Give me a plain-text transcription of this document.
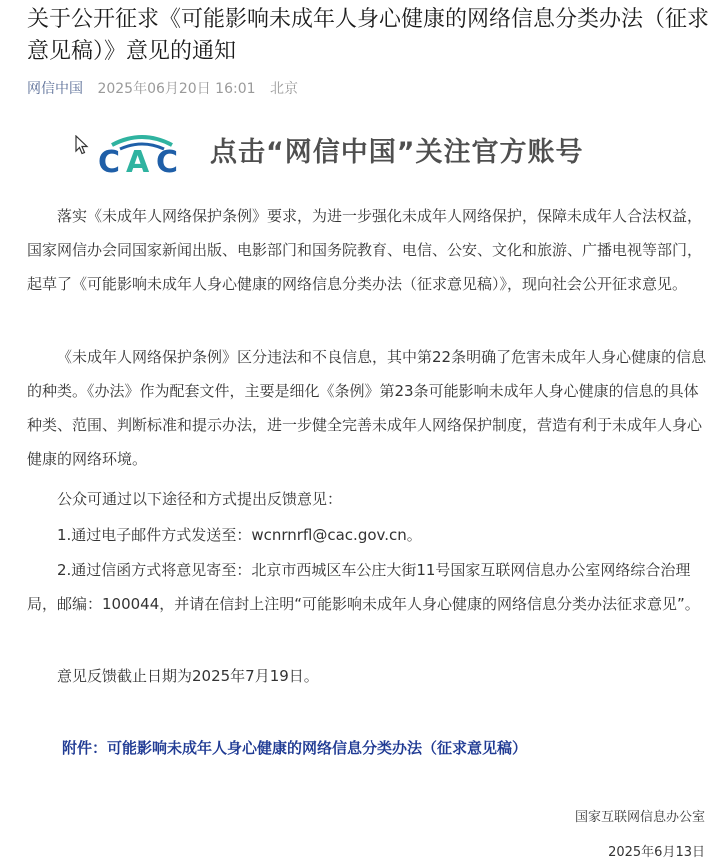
关于公开征求《可能影响未成年人身心健康的网络信息分类办法（征求意见稿）》意见的通知
网信中国 2025年06月20日 16:01 北京
C A C 点击“网信中国”关注官方账号

落实《未成年人网络保护条例》要求，为进一步强化未成年人网络保护，保障未成年人合法权益，国家网信办会同国家新闻出版、电影部门和国务院教育、电信、公安、文化和旅游、广播电视等部门，起草了《可能影响未成年人身心健康的网络信息分类办法（征求意见稿）》，现向社会公开征求意见。

《未成年人网络保护条例》区分违法和不良信息，其中第22条明确了危害未成年人身心健康的信息的种类。《办法》作为配套文件，主要是细化《条例》第23条可能影响未成年人身心健康的信息的具体种类、范围、判断标准和提示办法，进一步健全完善未成年人网络保护制度，营造有利于未成年人身心健康的网络环境。

公众可通过以下途径和方式提出反馈意见：

1.通过电子邮件方式发送至：wcnrnrfl@cac.gov.cn。

2.通过信函方式将意见寄至：北京市西城区车公庄大街11号国家互联网信息办公室网络综合治理局，邮编：100044，并请在信封上注明“可能影响未成年人身心健康的网络信息分类办法征求意见”。

意见反馈截止日期为2025年7月19日。

附件：可能影响未成年人身心健康的网络信息分类办法（征求意见稿）
国家互联网信息办公室
2025年6月13日
